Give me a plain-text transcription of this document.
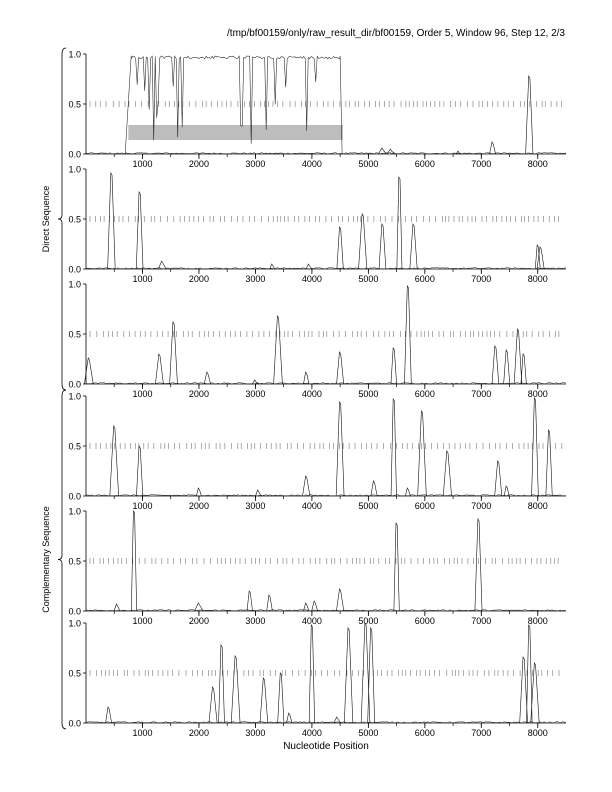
/tmp/bf00159/only/raw_result_dir/bf00159, Order 5, Window 96, Step 12, 2/3
0.0
0.5
1.0
1000	2000	3000	4000	5000	6000	7000	8000
0.0
0.5
1.0
1000	2000	3000	4000	5000	6000	7000	8000
0.0
0.5
1.0
1000	2000	3000	4000	5000	6000	7000	8000
0.0
0.5
1.0
1000	2000	3000	4000	5000	6000	7000	8000
0.0
0.5
1.0
1000	2000	3000	4000	5000	6000	7000	8000
0.0
0.5
1.0
1000	2000	3000	4000	5000	6000	7000	8000
Nucleotide Position
Direct Sequence
Complementary Sequence
